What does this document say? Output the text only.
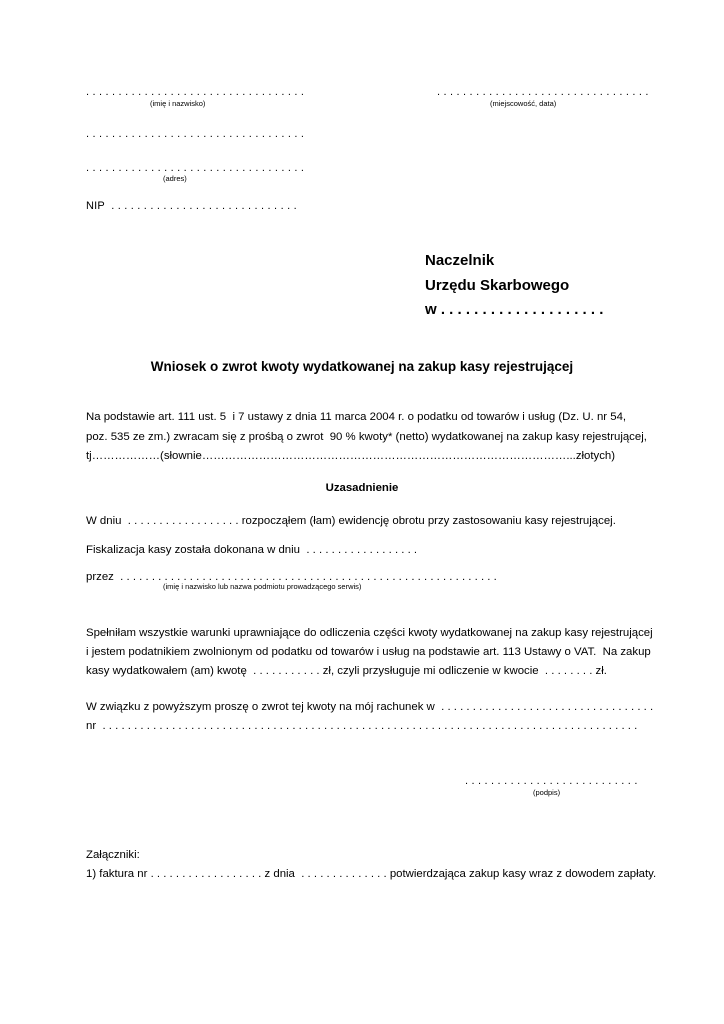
. . . . . . . . . . . . . . . . . . . . . . . . . . . . . . . . . .
(imię i nazwisko)
. . . . . . . . . . . . . . . . . . . . . . . . . . . . . . . . .
(miejscowość, data)
. . . . . . . . . . . . . . . . . . . . . . . . . . . . . . . . . .
. . . . . . . . . . . . . . . . . . . . . . . . . . . . . . . . . .
(adres)
NIP  . . . . . . . . . . . . . . . . . . . . . . . . . . . . .
Naczelnik
Urzędu Skarbowego
w . . . . . . . . . . . . . . . . . . . .
Wniosek o zwrot kwoty wydatkowanej na zakup kasy rejestrującej
Na podstawie art. 111 ust. 5  i 7 ustawy z dnia 11 marca 2004 r. o podatku od towarów i usług (Dz. U. nr 54,
poz. 535 ze zm.) zwracam się z prośbą o zwrot  90 % kwoty* (netto) wydatkowanej na zakup kasy rejestrującej,
tj………………(słownie……………………………………………………………………………………...złotych)
Uzasadnienie
W dniu  . . . . . . . . . . . . . . . . . . rozpocząłem (łam) ewidencję obrotu przy zastosowaniu kasy rejestrującej.
Fiskalizacja kasy została dokonana w dniu  . . . . . . . . . . . . . . . . . .
przez  . . . . . . . . . . . . . . . . . . . . . . . . . . . . . . . . . . . . . . . . . . . . . . . . . . . . . . . . . . . .
(imię i nazwisko lub nazwa podmiotu prowadzącego serwis)
Spełniłam wszystkie warunki uprawniające do odliczenia części kwoty wydatkowanej na zakup kasy rejestrującej
i jestem podatnikiem zwolnionym od podatku od towarów i usług na podstawie art. 113 Ustawy o VAT.  Na zakup
kasy wydatkowałem (am) kwotę  . . . . . . . . . . . zł, czyli przysługuje mi odliczenie w kwocie  . . . . . . . . zł.
W związku z powyższym proszę o zwrot tej kwoty na mój rachunek w  . . . . . . . . . . . . . . . . . . . . . . . . . . . . . . . . . .
nr  . . . . . . . . . . . . . . . . . . . . . . . . . . . . . . . . . . . . . . . . . . . . . . . . . . . . . . . . . . . . . . . . . . . . . . . . . . . . . . . . . . . . .
. . . . . . . . . . . . . . . . . . . . . . . . . . .
(podpis)
Załączniki:
1) faktura nr . . . . . . . . . . . . . . . . . . z dnia  . . . . . . . . . . . . . . potwierdzająca zakup kasy wraz z dowodem zapłaty.
